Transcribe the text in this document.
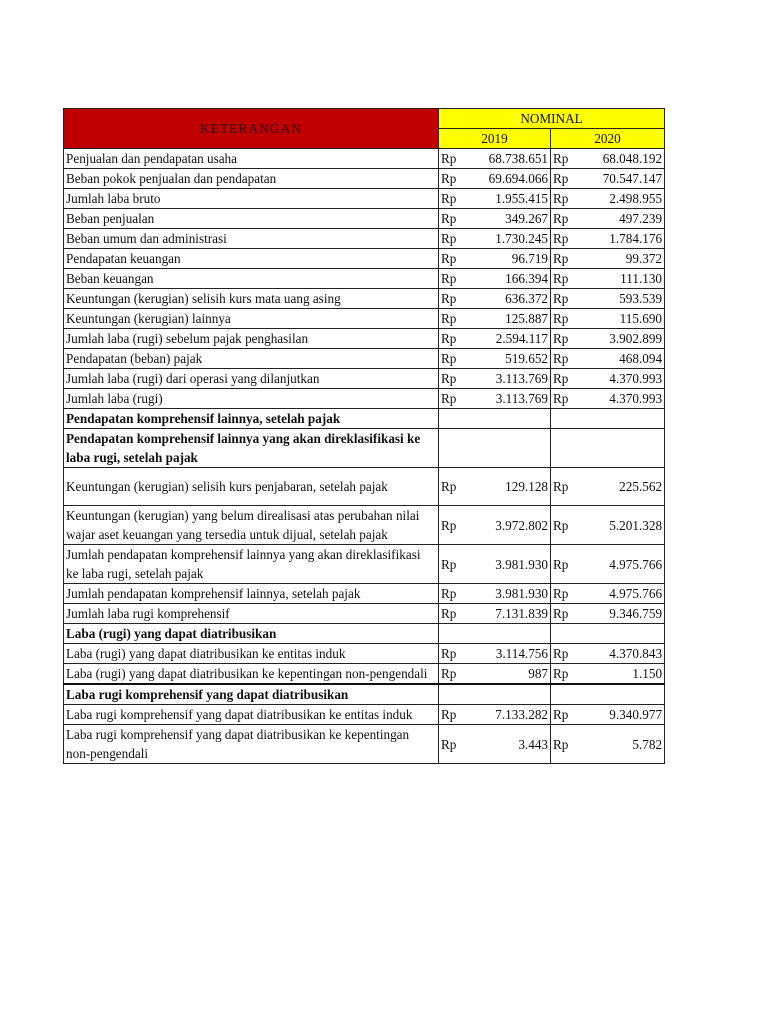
KETERANGAN	NOMINAL			
	2019		2020	
Penjualan dan pendapatan usaha	Rp	68.738.651	Rp	68.048.192
Beban pokok penjualan dan pendapatan	Rp	69.694.066	Rp	70.547.147
Jumlah laba bruto	Rp	1.955.415	Rp	2.498.955
Beban penjualan	Rp	349.267	Rp	497.239
Beban umum dan administrasi	Rp	1.730.245	Rp	1.784.176
Pendapatan keuangan	Rp	96.719	Rp	99.372
Beban keuangan	Rp	166.394	Rp	111.130
Keuntungan (kerugian) selisih kurs mata uang asing	Rp	636.372	Rp	593.539
Keuntungan (kerugian) lainnya	Rp	125.887	Rp	115.690
Jumlah laba (rugi) sebelum pajak penghasilan	Rp	2.594.117	Rp	3.902.899
Pendapatan (beban) pajak	Rp	519.652	Rp	468.094
Jumlah laba (rugi) dari operasi yang dilanjutkan	Rp	3.113.769	Rp	4.370.993
Jumlah laba (rugi)	Rp	3.113.769	Rp	4.370.993
Pendapatan komprehensif lainnya, setelah pajak				
Pendapatan komprehensif lainnya yang akan direklasifikasi ke laba rugi, setelah pajak				
Keuntungan (kerugian) selisih kurs penjabaran, setelah pajak	Rp	129.128	Rp	225.562
Keuntungan (kerugian) yang belum direalisasi atas perubahan nilai wajar aset keuangan yang tersedia untuk dijual, setelah pajak	Rp	3.972.802	Rp	5.201.328
Jumlah pendapatan komprehensif lainnya yang akan direklasifikasi ke laba rugi, setelah pajak	Rp	3.981.930	Rp	4.975.766
Jumlah pendapatan komprehensif lainnya, setelah pajak	Rp	3.981.930	Rp	4.975.766
Jumlah laba rugi komprehensif	Rp	7.131.839	Rp	9.346.759
Laba (rugi) yang dapat diatribusikan				
Laba (rugi) yang dapat diatribusikan ke entitas induk	Rp	3.114.756	Rp	4.370.843
Laba (rugi) yang dapat diatribusikan ke kepentingan non-pengendali	Rp	987	Rp	1.150
Laba rugi komprehensif yang dapat diatribusikan				
Laba rugi komprehensif yang dapat diatribusikan ke entitas induk	Rp	7.133.282	Rp	9.340.977
Laba rugi komprehensif yang dapat diatribusikan ke kepentingan non-pengendali	Rp	3.443	Rp	5.782
